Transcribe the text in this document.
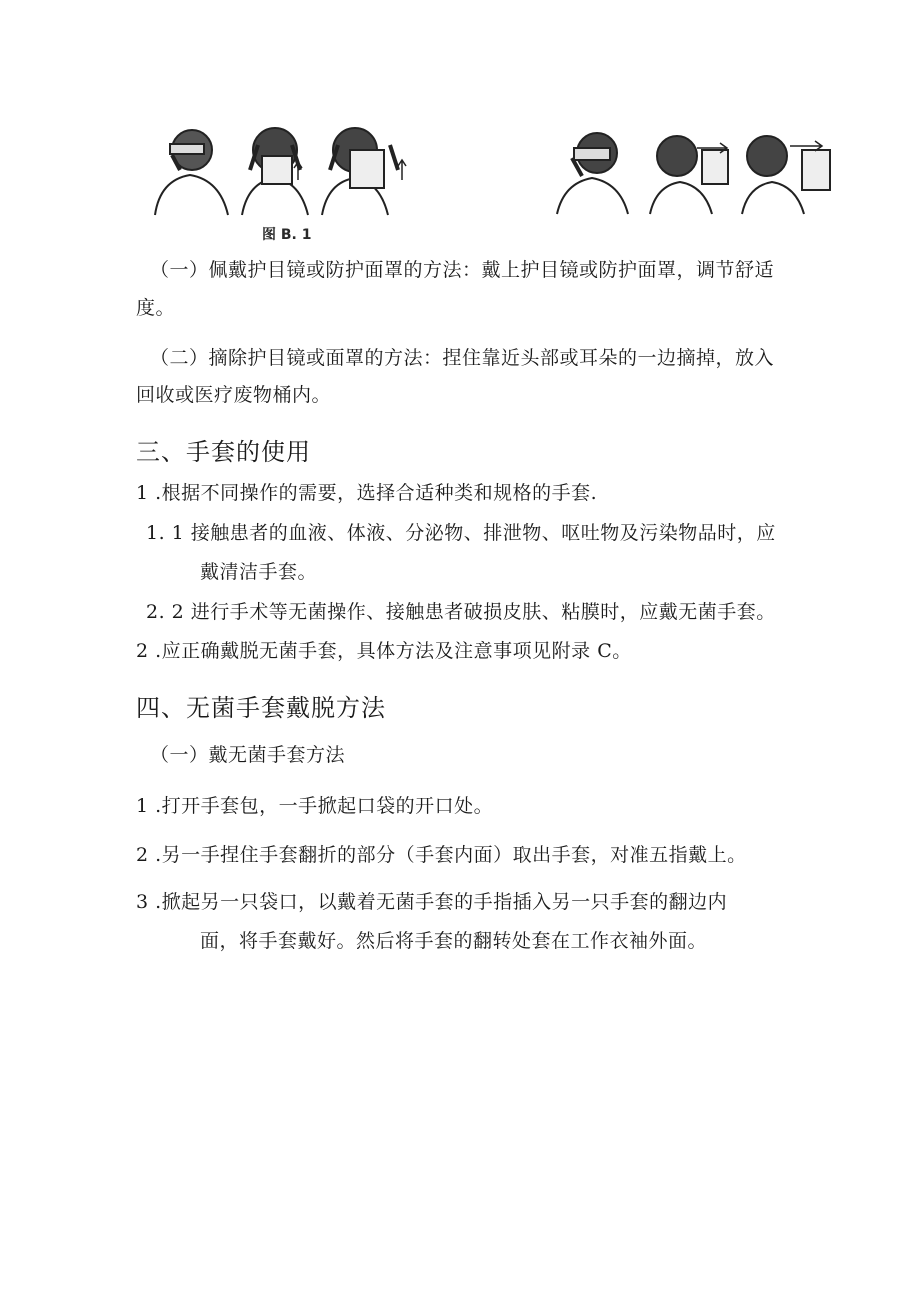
图 B. 1
（一）佩戴护目镜或防护面罩的方法：戴上护目镜或防护面罩，调节舒适
度。
（二）摘除护目镜或面罩的方法：捏住靠近头部或耳朵的一边摘掉，放入
回收或医疗废物桶内。
三、手套的使用
1 .根据不同操作的需要，选择合适种类和规格的手套.
1. 1 接触患者的血液、体液、分泌物、排泄物、呕吐物及污染物品时，应
戴清洁手套。
2. 2 进行手术等无菌操作、接触患者破损皮肤、粘膜时，应戴无菌手套。
2 .应正确戴脱无菌手套，具体方法及注意事项见附录 C。
四、无菌手套戴脱方法
（一）戴无菌手套方法
1 .打开手套包，一手掀起口袋的开口处。
2 .另一手捏住手套翻折的部分（手套内面）取出手套，对准五指戴上。
3 .掀起另一只袋口，以戴着无菌手套的手指插入另一只手套的翻边内
面，将手套戴好。然后将手套的翻转处套在工作衣袖外面。
